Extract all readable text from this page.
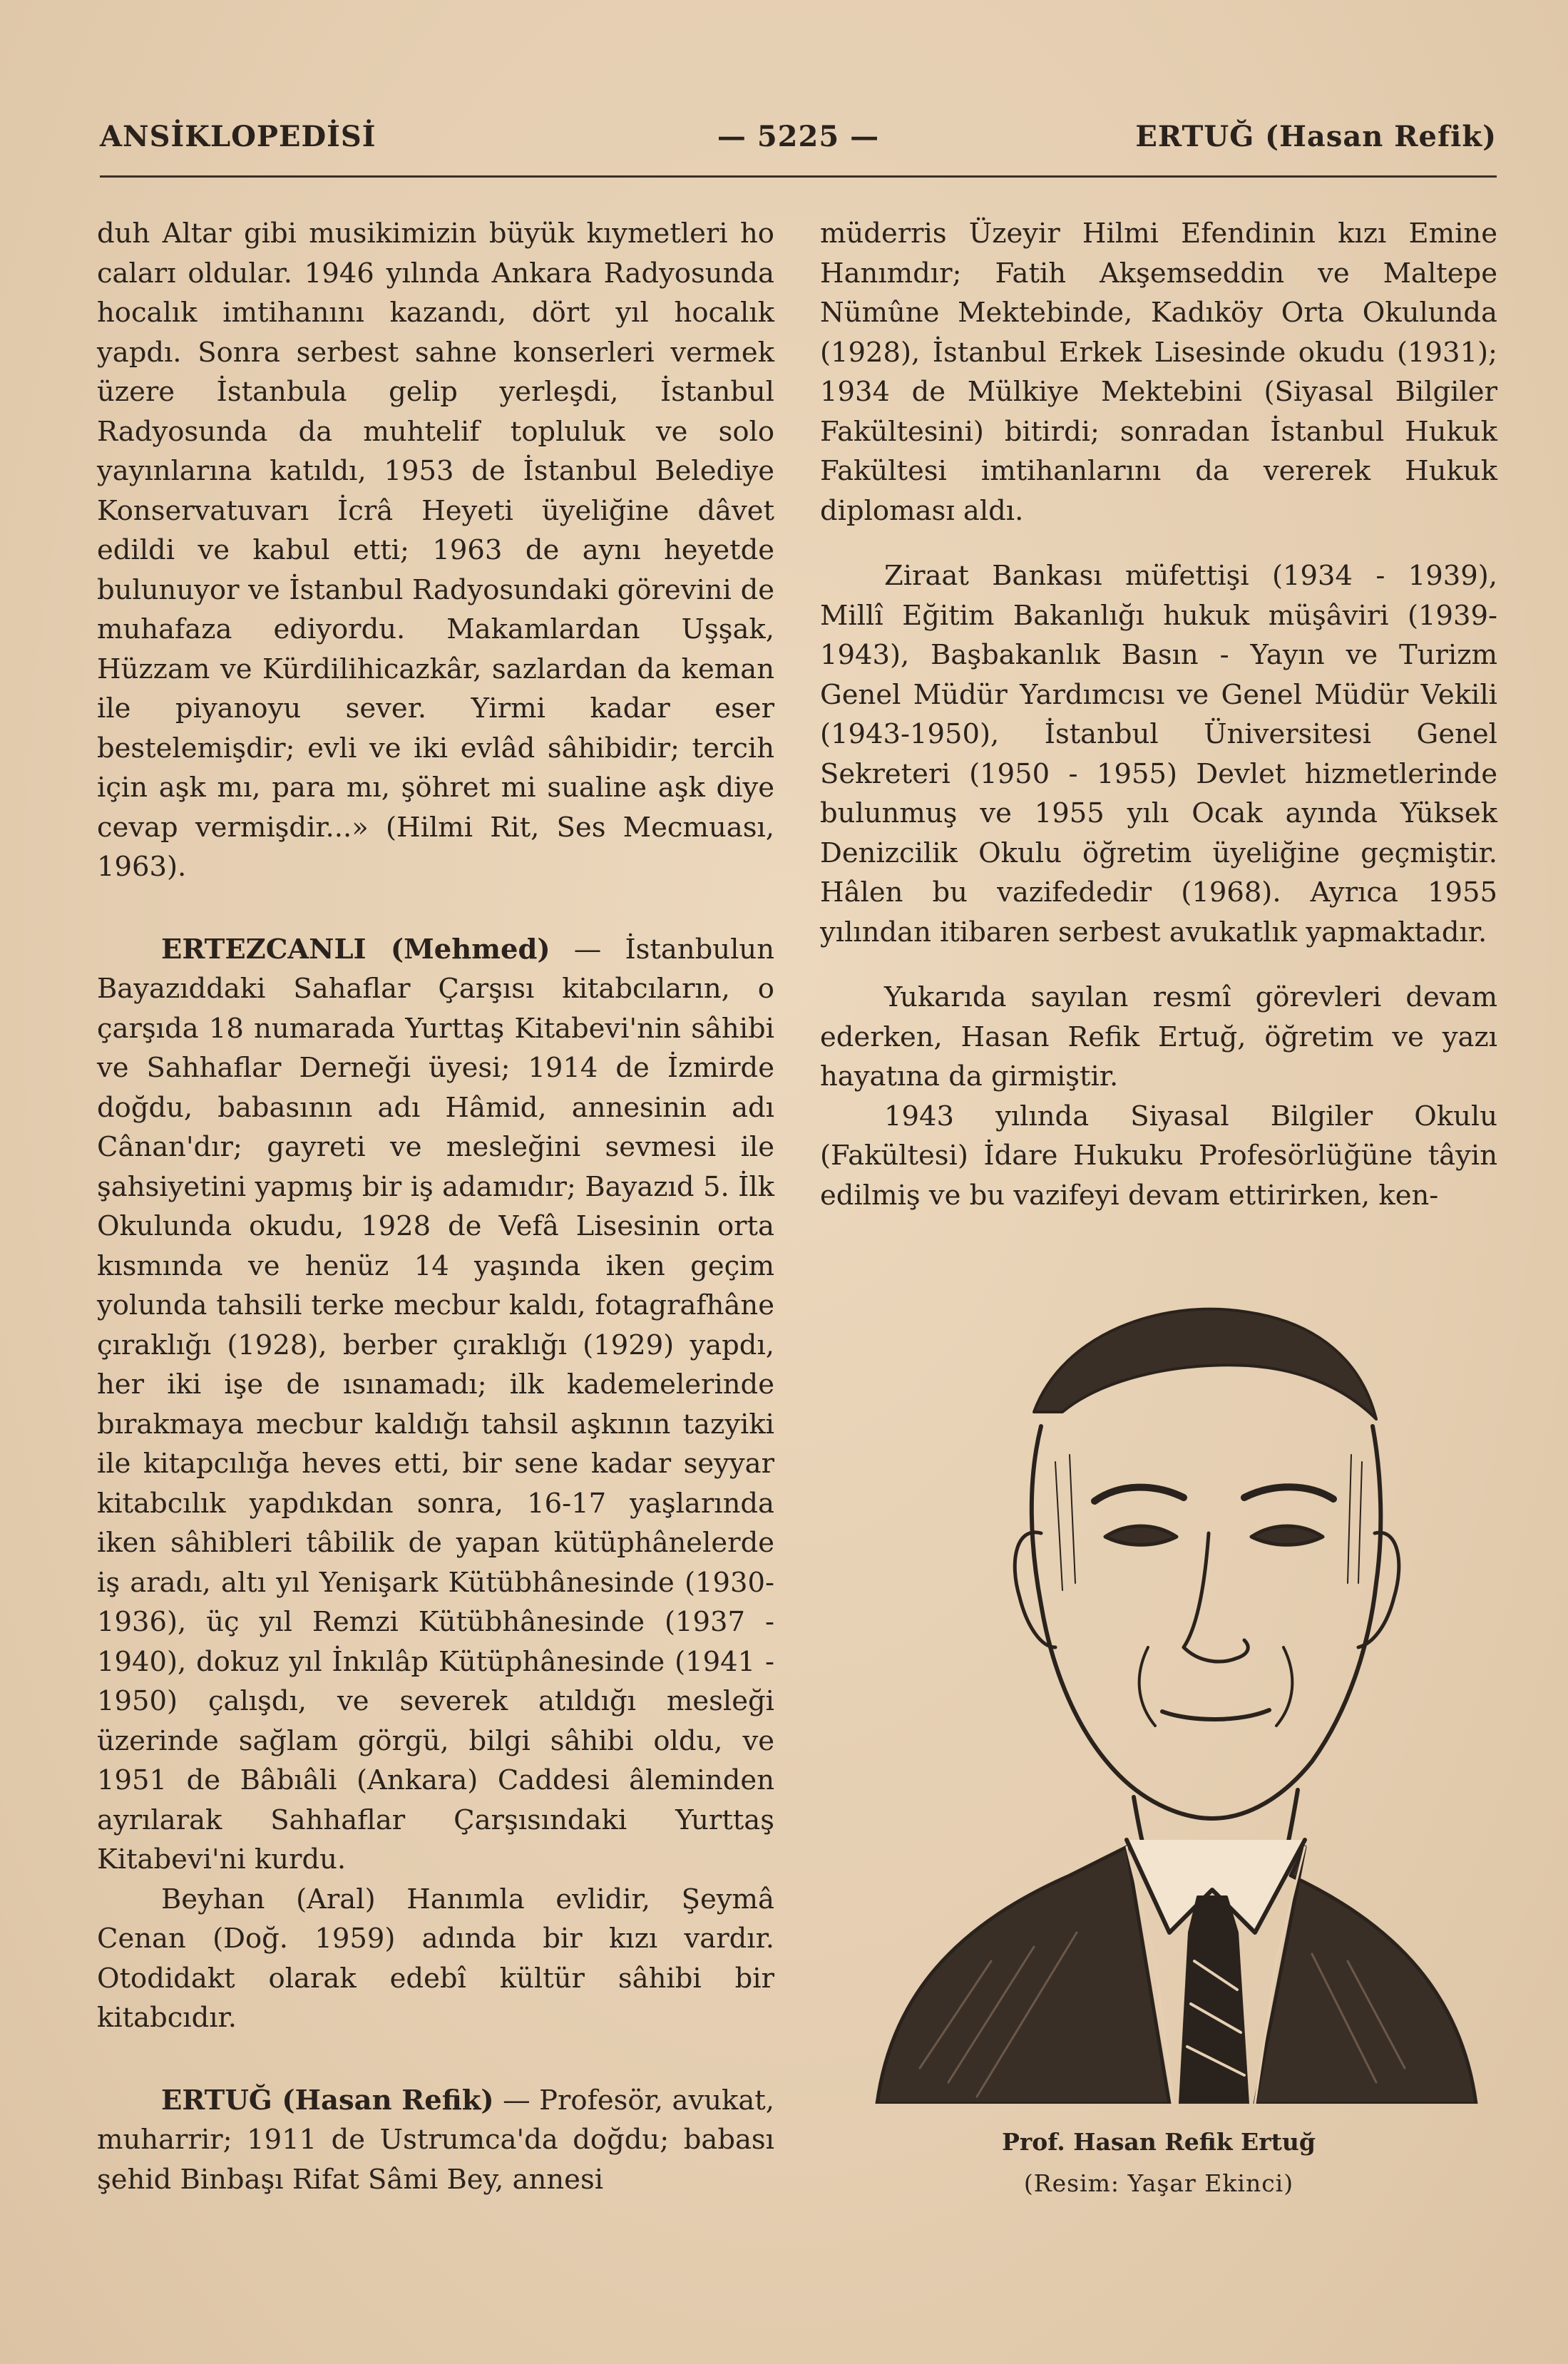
ANSİKLOPEDİSİ	— 5225 —	ERTUĞ (Hasan Refik)

duh Altar gibi musikimizin büyük kıymetleri ho calarɪ oldular. 1946 yılında Ankara Radyosunda hocalık imtihanını kazandı, dört yıl hocalık yapdı. Sonra serbest sahne konserleri vermek üzere İstanbula gelip yerleşdi, İstanbul Radyosunda da muhtelif topluluk ve solo yayınlarına katıldı, 1953 de İstanbul Belediye Konservatuvarı İcrâ Heyeti üyeliğine dâvet edildi ve kabul etti; 1963 de aynı heyetde bulunuyor ve İstanbul Radyosundaki görevini de muhafaza ediyordu. Makamlardan Uşşak, Hüzzam ve Kürdilihicazkâr, sazlardan da keman ile piyanoyu sever. Yirmi kadar eser bestelemişdir; evli ve iki evlâd sâhibidir; tercih için aşk mı, para mı, şöhret mi sualine aşk diye cevap vermişdir...» (Hilmi Rit, Ses Mecmuası, 1963).

ERTEZCANLI (Mehmed) — İstanbulun Bayazıddaki Sahaflar Çarşısı kitabcıların, o çarşıda 18 numarada Yurttaş Kitabevi'nin sâhibi ve Sahhaflar Derneği üyesi; 1914 de İzmirde doğdu, babasının adı Hâmid, annesinin adı Cânan'dır; gayreti ve mesleğini sevmesi ile şahsiyetini yapmış bir iş adamıdır; Bayazıd 5. İlk Okulunda okudu, 1928 de Vefâ Lisesinin orta kısmında ve henüz 14 yaşında iken geçim yolunda tahsili terke mecbur kaldı, fotagrafhâne çıraklığı (1928), berber çıraklığı (1929) yapdı, her iki işe de ısınamadı; ilk kademelerinde bırakmaya mecbur kaldığı tahsil aşkının tazyiki ile kitapcılığa heves etti, bir sene kadar seyyar kitabcılık yapdıkdan sonra, 16-17 yaşlarında iken sâhibleri tâbilik de yapan kütüphânelerde iş aradı, altı yıl Yenişark Kütübhânesinde (1930-1936), üç yıl Remzi Kütübhânesinde (1937 - 1940), dokuz yıl İnkılâp Kütüphânesinde (1941 - 1950) çalışdı, ve severek atıldığı mesleği üzerinde sağlam görgü, bilgi sâhibi oldu, ve 1951 de Bâbıâli (Ankara) Caddesi âleminden ayrılarak Sahhaflar Çarşısındaki Yurttaş Kitabevi'ni kurdu.

Beyhan (Aral) Hanımla evlidir, Şeymâ Cenan (Doğ. 1959) adında bir kızı vardır. Otodidakt olarak edebî kültür sâhibi bir kitabcıdır.

ERTUĞ (Hasan Refik) — Profesör, avukat, muharrir; 1911 de Ustrumca'da doğdu; babası şehid Binbaşı Rifat Sâmi Bey, annesi

müderris Üzeyir Hilmi Efendinin kızı Emine Hanımdır; Fatih Akşemseddin ve Maltepe Nümûne Mektebinde, Kadıköy Orta Okulunda (1928), İstanbul Erkek Lisesinde okudu (1931); 1934 de Mülkiye Mektebini (Siyasal Bilgiler Fakültesini) bitirdi; sonradan İstanbul Hukuk Fakültesi imtihanlarını da vererek Hukuk diplomasɪ aldı.

Ziraat Bankası müfettişi (1934 - 1939), Millî Eğitim Bakanlığı hukuk müşâviri (1939-1943), Başbakanlık Basın - Yayın ve Turizm Genel Müdür Yardımcısı ve Genel Müdür Vekili (1943-1950), İstanbul Üniversitesi Genel Sekreteri (1950 - 1955) Devlet hizmetlerinde bulunmuş ve 1955 yılı Ocak ayında Yüksek Denizcilik Okulu öğretim üyeliğine geçmiştir. Hâlen bu vazifededir (1968). Ayrıca 1955 yılından itibaren serbest avukatlık yapmaktadır.

Yukarıda sayılan resmî görevleri devam ederken, Hasan Refik Ertuğ, öğretim ve yazı hayatına da girmiştir.

1943 yılında Siyasal Bilgiler Okulu (Fakültesi) İdare Hukuku Profesörlüğüne tâyin edilmiş ve bu vazifeyi devam ettirirken, ken-

Prof. Hasan Refik Ertuğ
(Resim: Yaşar Ekinci)
